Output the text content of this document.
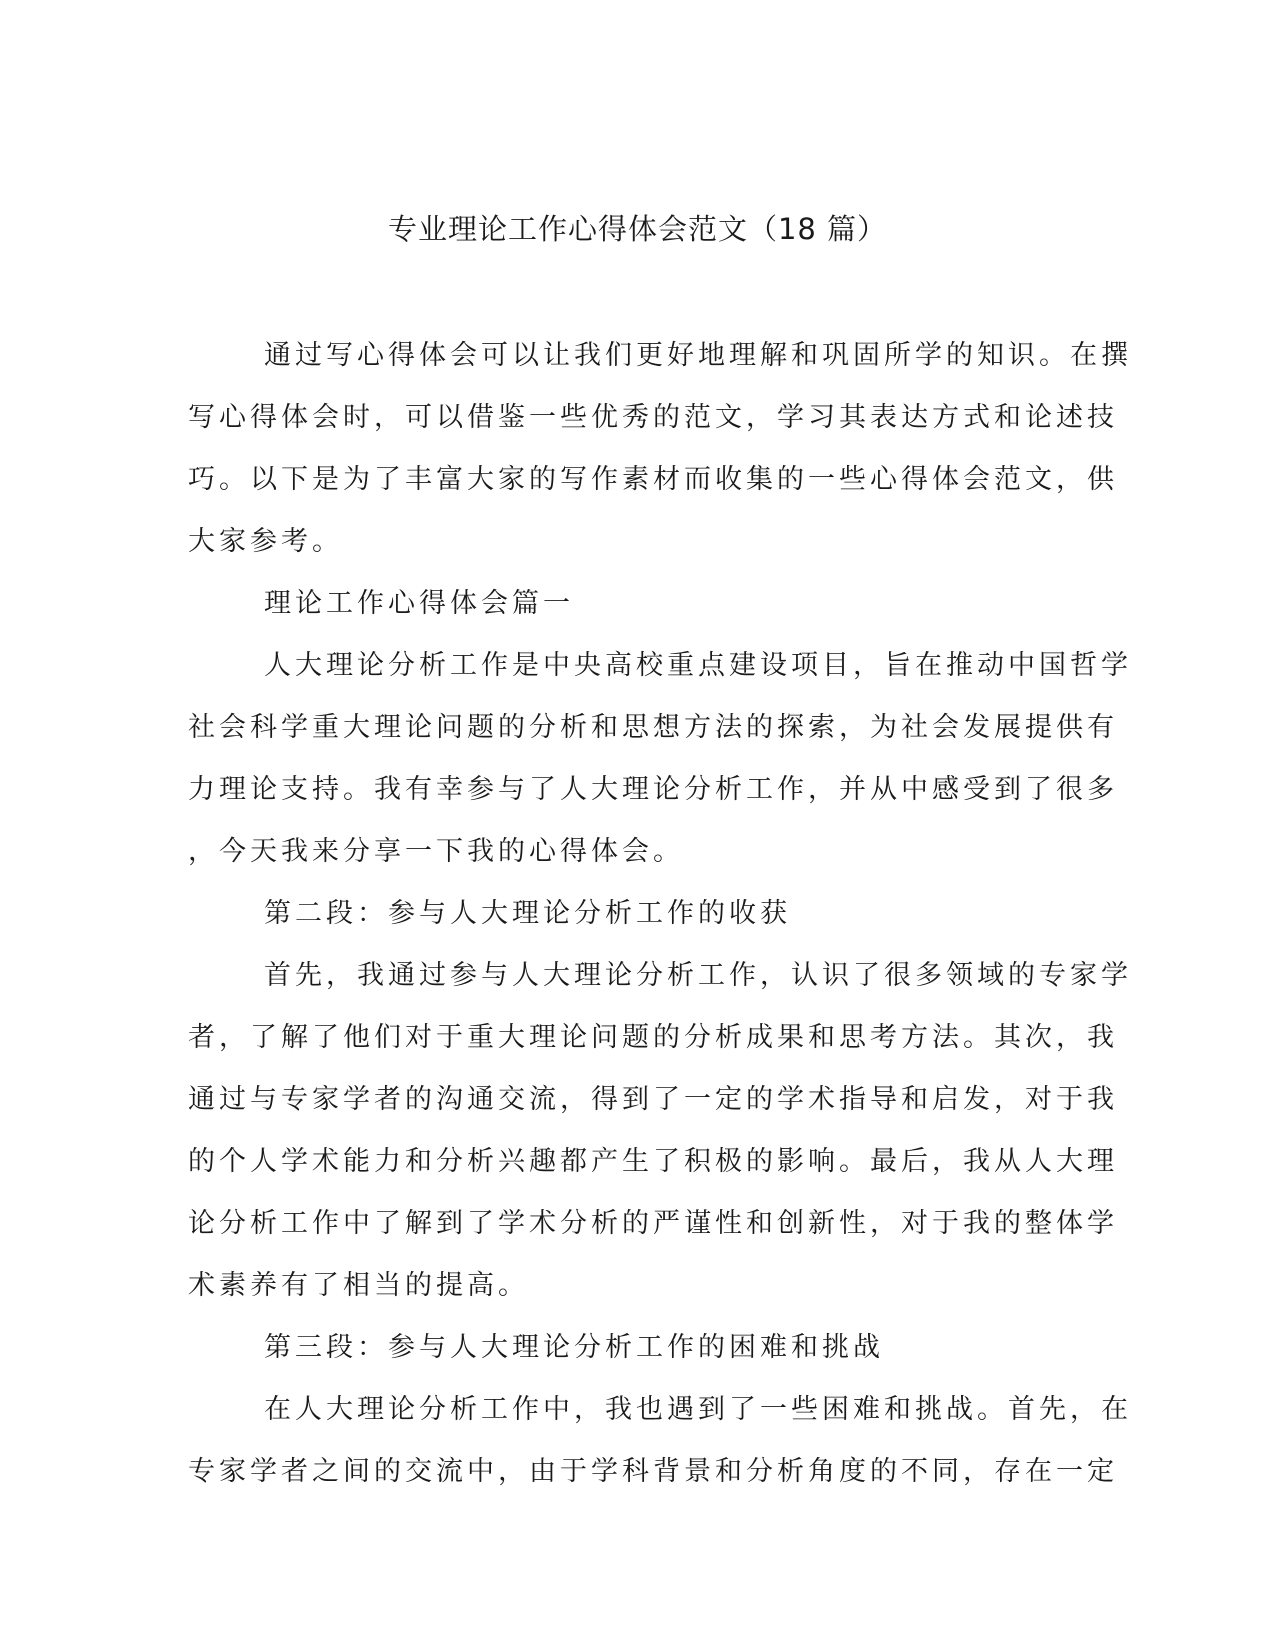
专业理论工作心得体会范文（18 篇）
通过写心得体会可以让我们更好地理解和巩固所学的知识。在撰
写心得体会时，可以借鉴一些优秀的范文，学习其表达方式和论述技
巧。以下是为了丰富大家的写作素材而收集的一些心得体会范文，供
大家参考。
理论工作心得体会篇一
人大理论分析工作是中央高校重点建设项目，旨在推动中国哲学
社会科学重大理论问题的分析和思想方法的探索，为社会发展提供有
力理论支持。我有幸参与了人大理论分析工作，并从中感受到了很多
，今天我来分享一下我的心得体会。
第二段：参与人大理论分析工作的收获
首先，我通过参与人大理论分析工作，认识了很多领域的专家学
者，了解了他们对于重大理论问题的分析成果和思考方法。其次，我
通过与专家学者的沟通交流，得到了一定的学术指导和启发，对于我
的个人学术能力和分析兴趣都产生了积极的影响。最后，我从人大理
论分析工作中了解到了学术分析的严谨性和创新性，对于我的整体学
术素养有了相当的提高。
第三段：参与人大理论分析工作的困难和挑战
在人大理论分析工作中，我也遇到了一些困难和挑战。首先，在
专家学者之间的交流中，由于学科背景和分析角度的不同，存在一定
